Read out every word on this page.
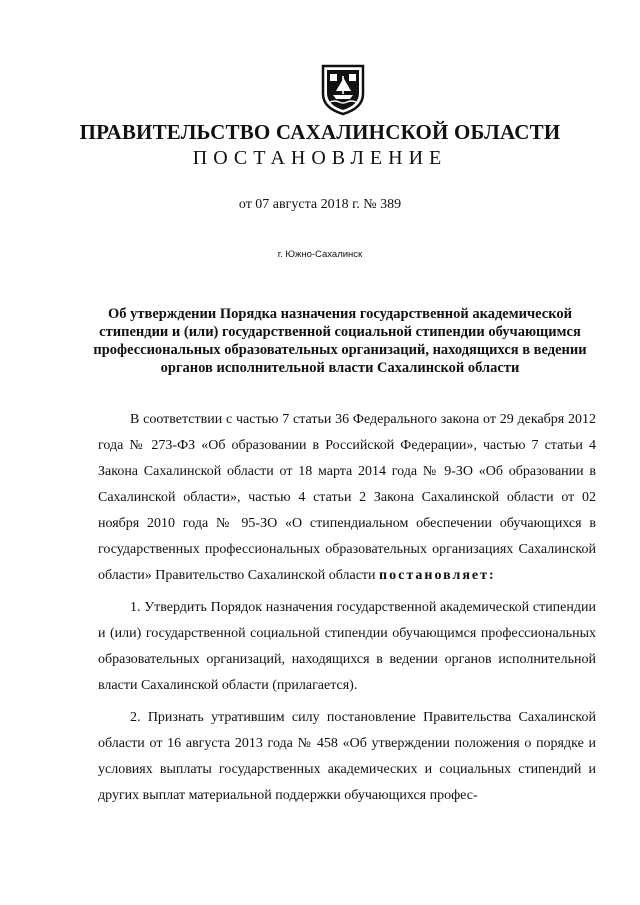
ПРАВИТЕЛЬСТВО САХАЛИНСКОЙ ОБЛАСТИ
ПОСТАНОВЛЕНИЕ
от 07 августа 2018 г. № 389
г. Южно-Сахалинск
Об утверждении Порядка назначения государственной академической стипендии и (или) государственной социальной стипендии обучающимся профессиональных образовательных организаций, находящихся в ведении органов исполнительной власти Сахалинской области

В соответствии с частью 7 статьи 36 Федерального закона от 29 декабря 2012 года № 273-ФЗ «Об образовании в Российской Федерации», частью 7 статьи 4 Закона Сахалинской области от 18 марта 2014 года № 9-ЗО «Об образовании в Сахалинской области», частью 4 статьи 2 Закона Сахалинской области от 02 ноября 2010 года № 95-ЗО «О стипендиальном обеспечении обучающихся в государственных профессиональных образовательных организациях Сахалинской области» Правительство Сахалинской области постановляет:

1. Утвердить Порядок назначения государственной академической стипендии и (или) государственной социальной стипендии обучающимся профессиональных образовательных организаций, находящихся в ведении органов исполнительной власти Сахалинской области (прилагается).

2. Признать утратившим силу постановление Правительства Сахалинской области от 16 августа 2013 года № 458 «Об утверждении положения о порядке и условиях выплаты государственных академических и социальных стипендий и других выплат материальной поддержки обучающихся профес-
